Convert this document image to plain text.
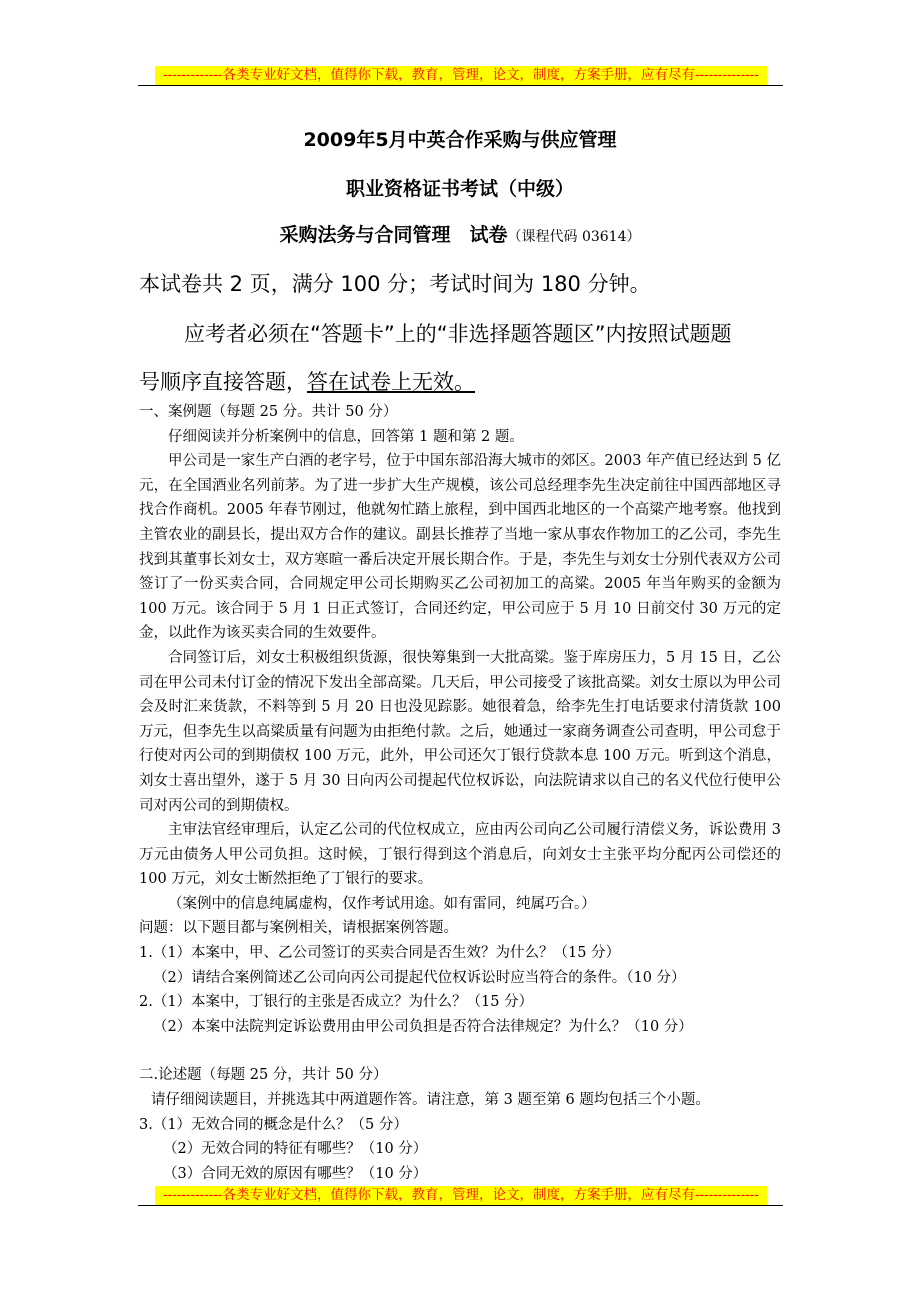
-------------各类专业好文档，值得你下载，教育，管理，论文，制度，方案手册，应有尽有--------------
2009年5月中英合作采购与供应管理
职业资格证书考试（中级）
采购法务与合同管理　试卷（课程代码 03614）
本试卷共 2 页，满分 100 分；考试时间为 180 分钟。
应考者必须在“答题卡”上的“非选择题答题区”内按照试题题
号顺序直接答题，答在试卷上无效。

一、案例题（每题 25 分。共计 50 分）

仔细阅读并分析案例中的信息，回答第 1 题和第 2 题。

甲公司是一家生产白酒的老字号，位于中国东部沿海大城市的郊区。2003 年产值已经达到 5 亿元，在全国酒业名列前茅。为了进一步扩大生产规模，该公司总经理李先生决定前往中国西部地区寻找合作商机。2005 年春节刚过，他就匆忙踏上旅程，到中国西北地区的一个高粱产地考察。他找到主管农业的副县长，提出双方合作的建议。副县长推荐了当地一家从事农作物加工的乙公司，李先生找到其董事长刘女士，双方寒暄一番后决定开展长期合作。于是，李先生与刘女士分别代表双方公司签订了一份买卖合同，合同规定甲公司长期购买乙公司初加工的高粱。2005 年当年购买的金额为 100 万元。该合同于 5 月 1 日正式签订，合同还约定，甲公司应于 5 月 10 日前交付 30 万元的定金，以此作为该买卖合同的生效要件。

合同签订后，刘女士积极组织货源，很快筹集到一大批高粱。鉴于库房压力，5 月 15 日，乙公司在甲公司未付订金的情况下发出全部高粱。几天后，甲公司接受了该批高粱。刘女士原以为甲公司会及时汇来货款，不料等到 5 月 20 日也没见踪影。她很着急，给李先生打电话要求付清货款 100 万元，但李先生以高粱质量有问题为由拒绝付款。之后，她通过一家商务调查公司查明，甲公司怠于行使对丙公司的到期债权 100 万元，此外，甲公司还欠丁银行贷款本息 100 万元。听到这个消息，刘女士喜出望外，遂于 5 月 30 日向丙公司提起代位权诉讼，向法院请求以自己的名义代位行使甲公司对丙公司的到期债权。

主审法官经审理后，认定乙公司的代位权成立，应由丙公司向乙公司履行清偿义务，诉讼费用 3 万元由债务人甲公司负担。这时候，丁银行得到这个消息后，向刘女士主张平均分配丙公司偿还的 100 万元，刘女士断然拒绝了丁银行的要求。

（案例中的信息纯属虚构，仅作考试用途。如有雷同，纯属巧合。）

问题：以下题目都与案例相关，请根据案例答题。

1.（1）本案中，甲、乙公司签订的买卖合同是否生效？为什么？（15 分）

（2）请结合案例简述乙公司向丙公司提起代位权诉讼时应当符合的条件。（10 分）

2.（1）本案中，丁银行的主张是否成立？为什么？（15 分）

（2）本案中法院判定诉讼费用由甲公司负担是否符合法律规定？为什么？（10 分）

二.论述题（每题 25 分，共计 50 分）

请仔细阅读题目，并挑选其中两道题作答。请注意，第 3 题至第 6 题均包括三个小题。

3.（1）无效合同的概念是什么？（5 分）

（2）无效合同的特征有哪些？（10 分）

（3）合同无效的原因有哪些？（10 分）

-------------各类专业好文档，值得你下载，教育，管理，论文，制度，方案手册，应有尽有--------------
